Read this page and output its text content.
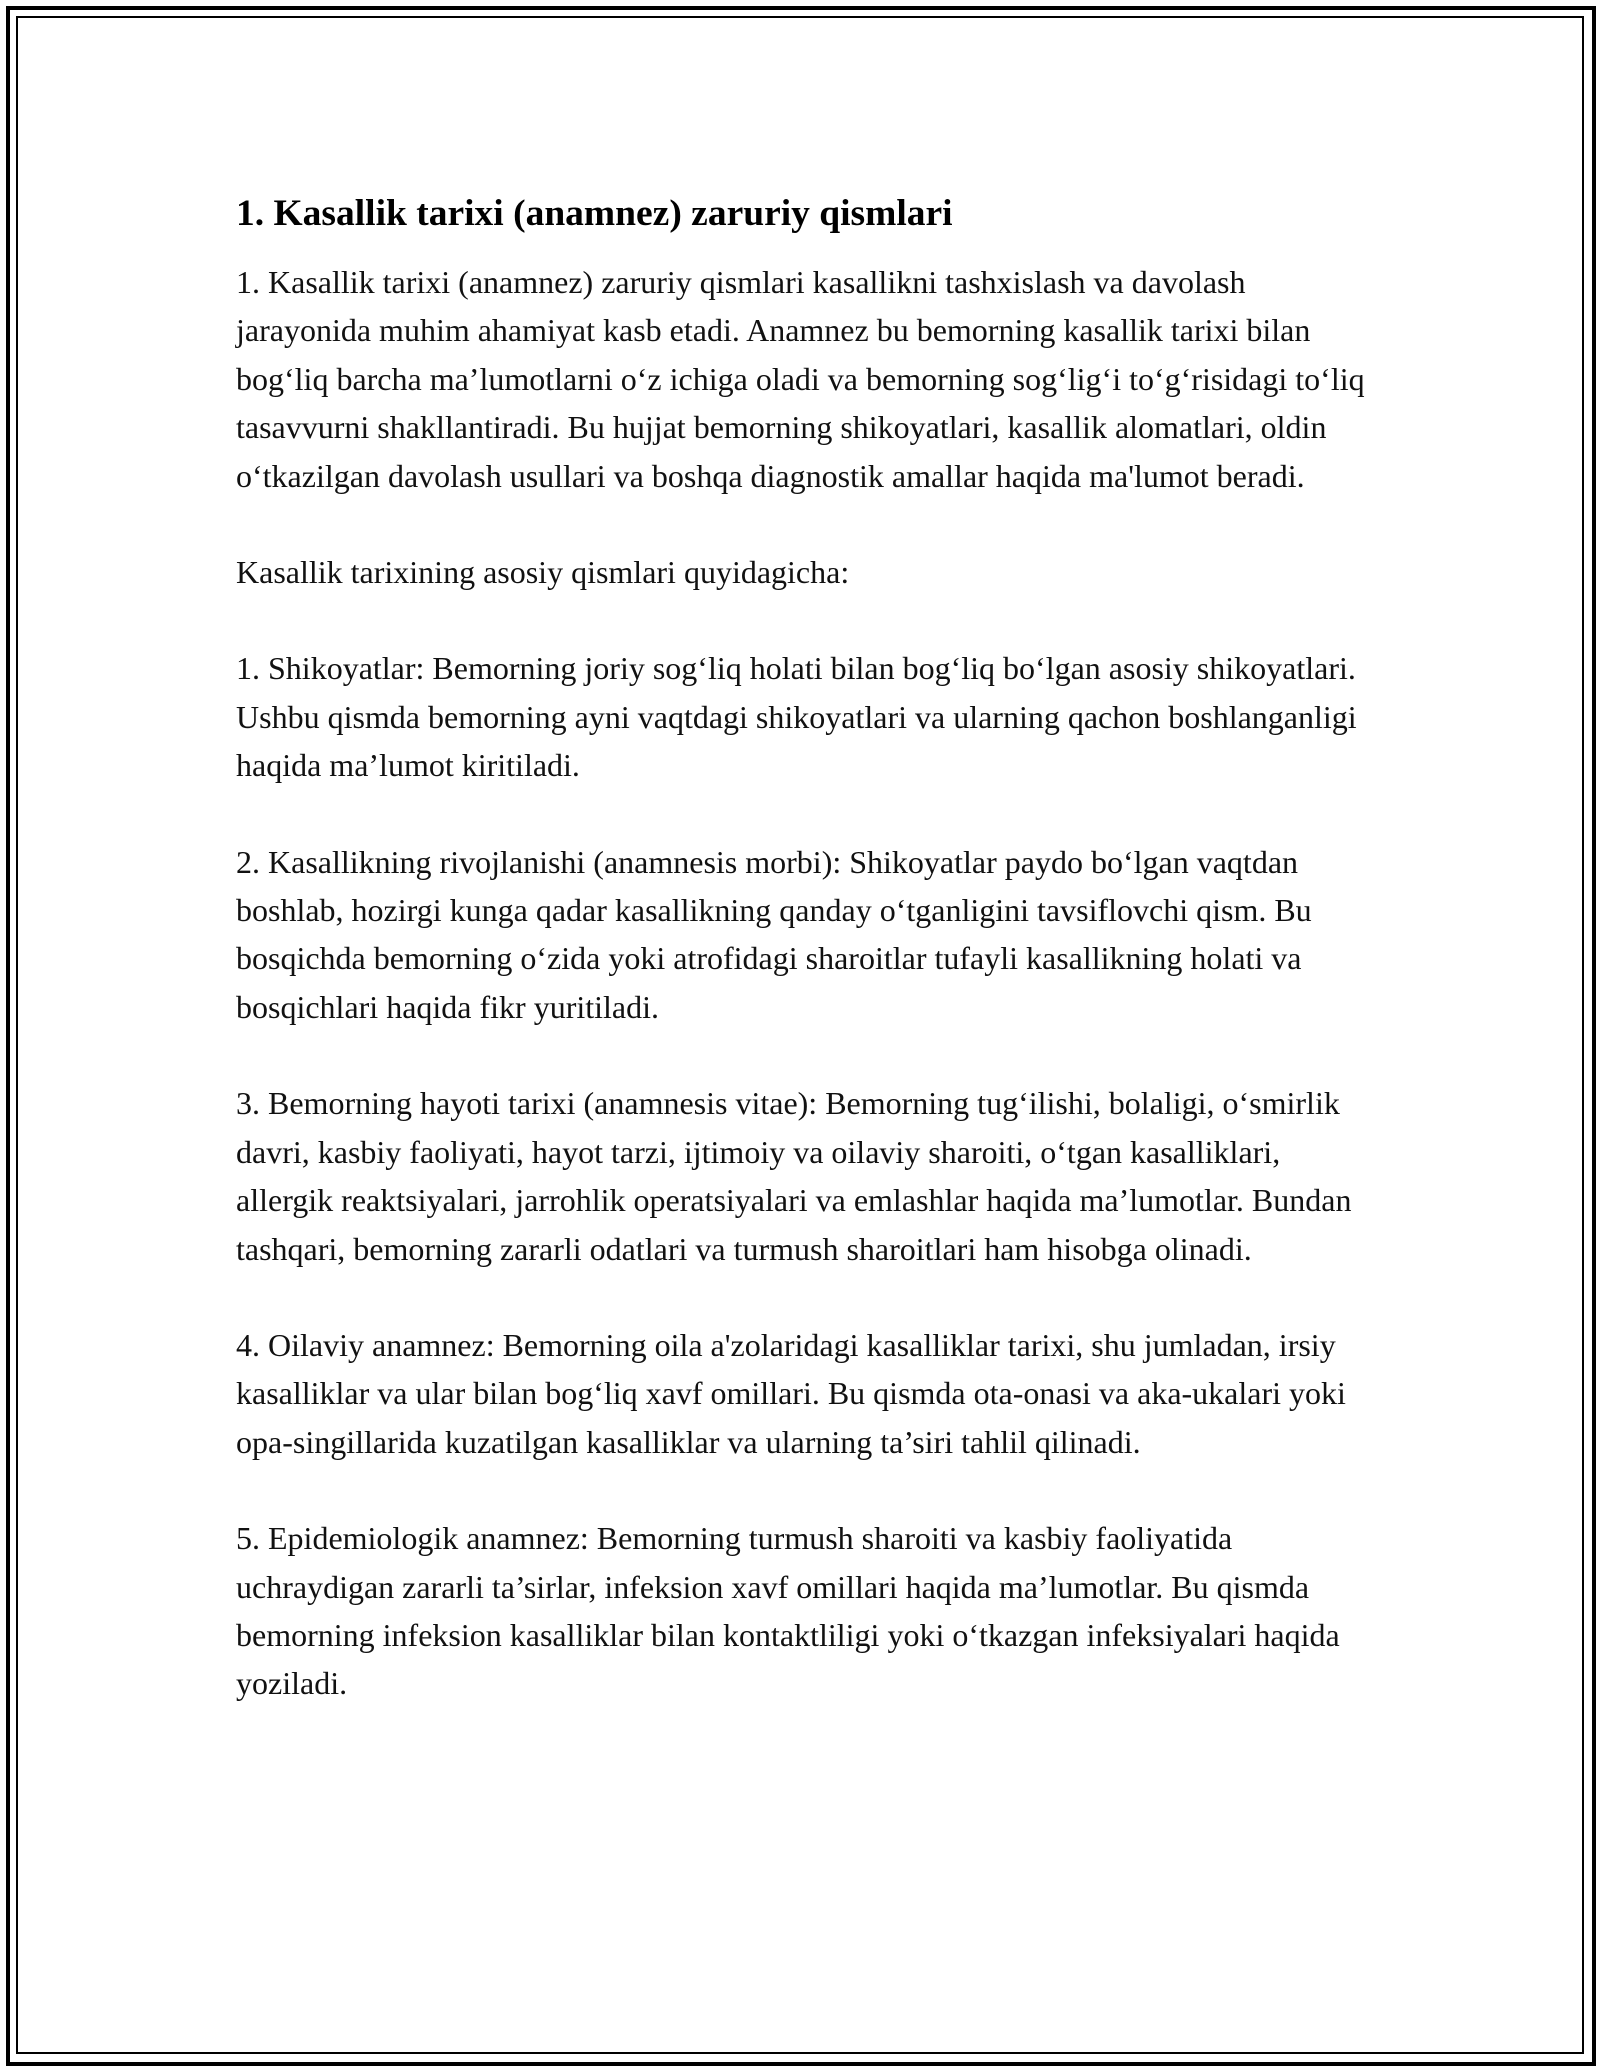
1. Kasallik tarixi (anamnez) zaruriy qismlari

1. Kasallik tarixi (anamnez) zaruriy qismlari kasallikni tashxislash va davolash jarayonida muhim ahamiyat kasb etadi. Anamnez bu bemorning kasallik tarixi bilan bog‘liq barcha ma’lumotlarni o‘z ichiga oladi va bemorning sog‘lig‘i to‘g‘risidagi to‘liq tasavvurni shakllantiradi. Bu hujjat bemorning shikoyatlari, kasallik alomatlari, oldin o‘tkazilgan davolash usullari va boshqa diagnostik amallar haqida ma'lumot beradi.

Kasallik tarixining asosiy qismlari quyidagicha:

1. Shikoyatlar: Bemorning joriy sog‘liq holati bilan bog‘liq bo‘lgan asosiy shikoyatlari. Ushbu qismda bemorning ayni vaqtdagi shikoyatlari va ularning qachon boshlanganligi haqida ma’lumot kiritiladi.

2. Kasallikning rivojlanishi (anamnesis morbi): Shikoyatlar paydo bo‘lgan vaqtdan boshlab, hozirgi kunga qadar kasallikning qanday o‘tganligini tavsiflovchi qism. Bu bosqichda bemorning o‘zida yoki atrofidagi sharoitlar tufayli kasallikning holati va bosqichlari haqida fikr yuritiladi.

3. Bemorning hayoti tarixi (anamnesis vitae): Bemorning tug‘ilishi, bolaligi, o‘smirlik davri, kasbiy faoliyati, hayot tarzi, ijtimoiy va oilaviy sharoiti, o‘tgan kasalliklari, allergik reaktsiyalari, jarrohlik operatsiyalari va emlashlar haqida ma’lumotlar. Bundan tashqari, bemorning zararli odatlari va turmush sharoitlari ham hisobga olinadi.

4. Oilaviy anamnez: Bemorning oila a'zolaridagi kasalliklar tarixi, shu jumladan, irsiy kasalliklar va ular bilan bog‘liq xavf omillari. Bu qismda ota-onasi va aka-ukalari yoki opa-singillarida kuzatilgan kasalliklar va ularning ta’siri tahlil qilinadi.

5. Epidemiologik anamnez: Bemorning turmush sharoiti va kasbiy faoliyatida uchraydigan zararli ta’sirlar, infeksion xavf omillari haqida ma’lumotlar. Bu qismda bemorning infeksion kasalliklar bilan kontaktliligi yoki o‘tkazgan infeksiyalari haqida yoziladi.
